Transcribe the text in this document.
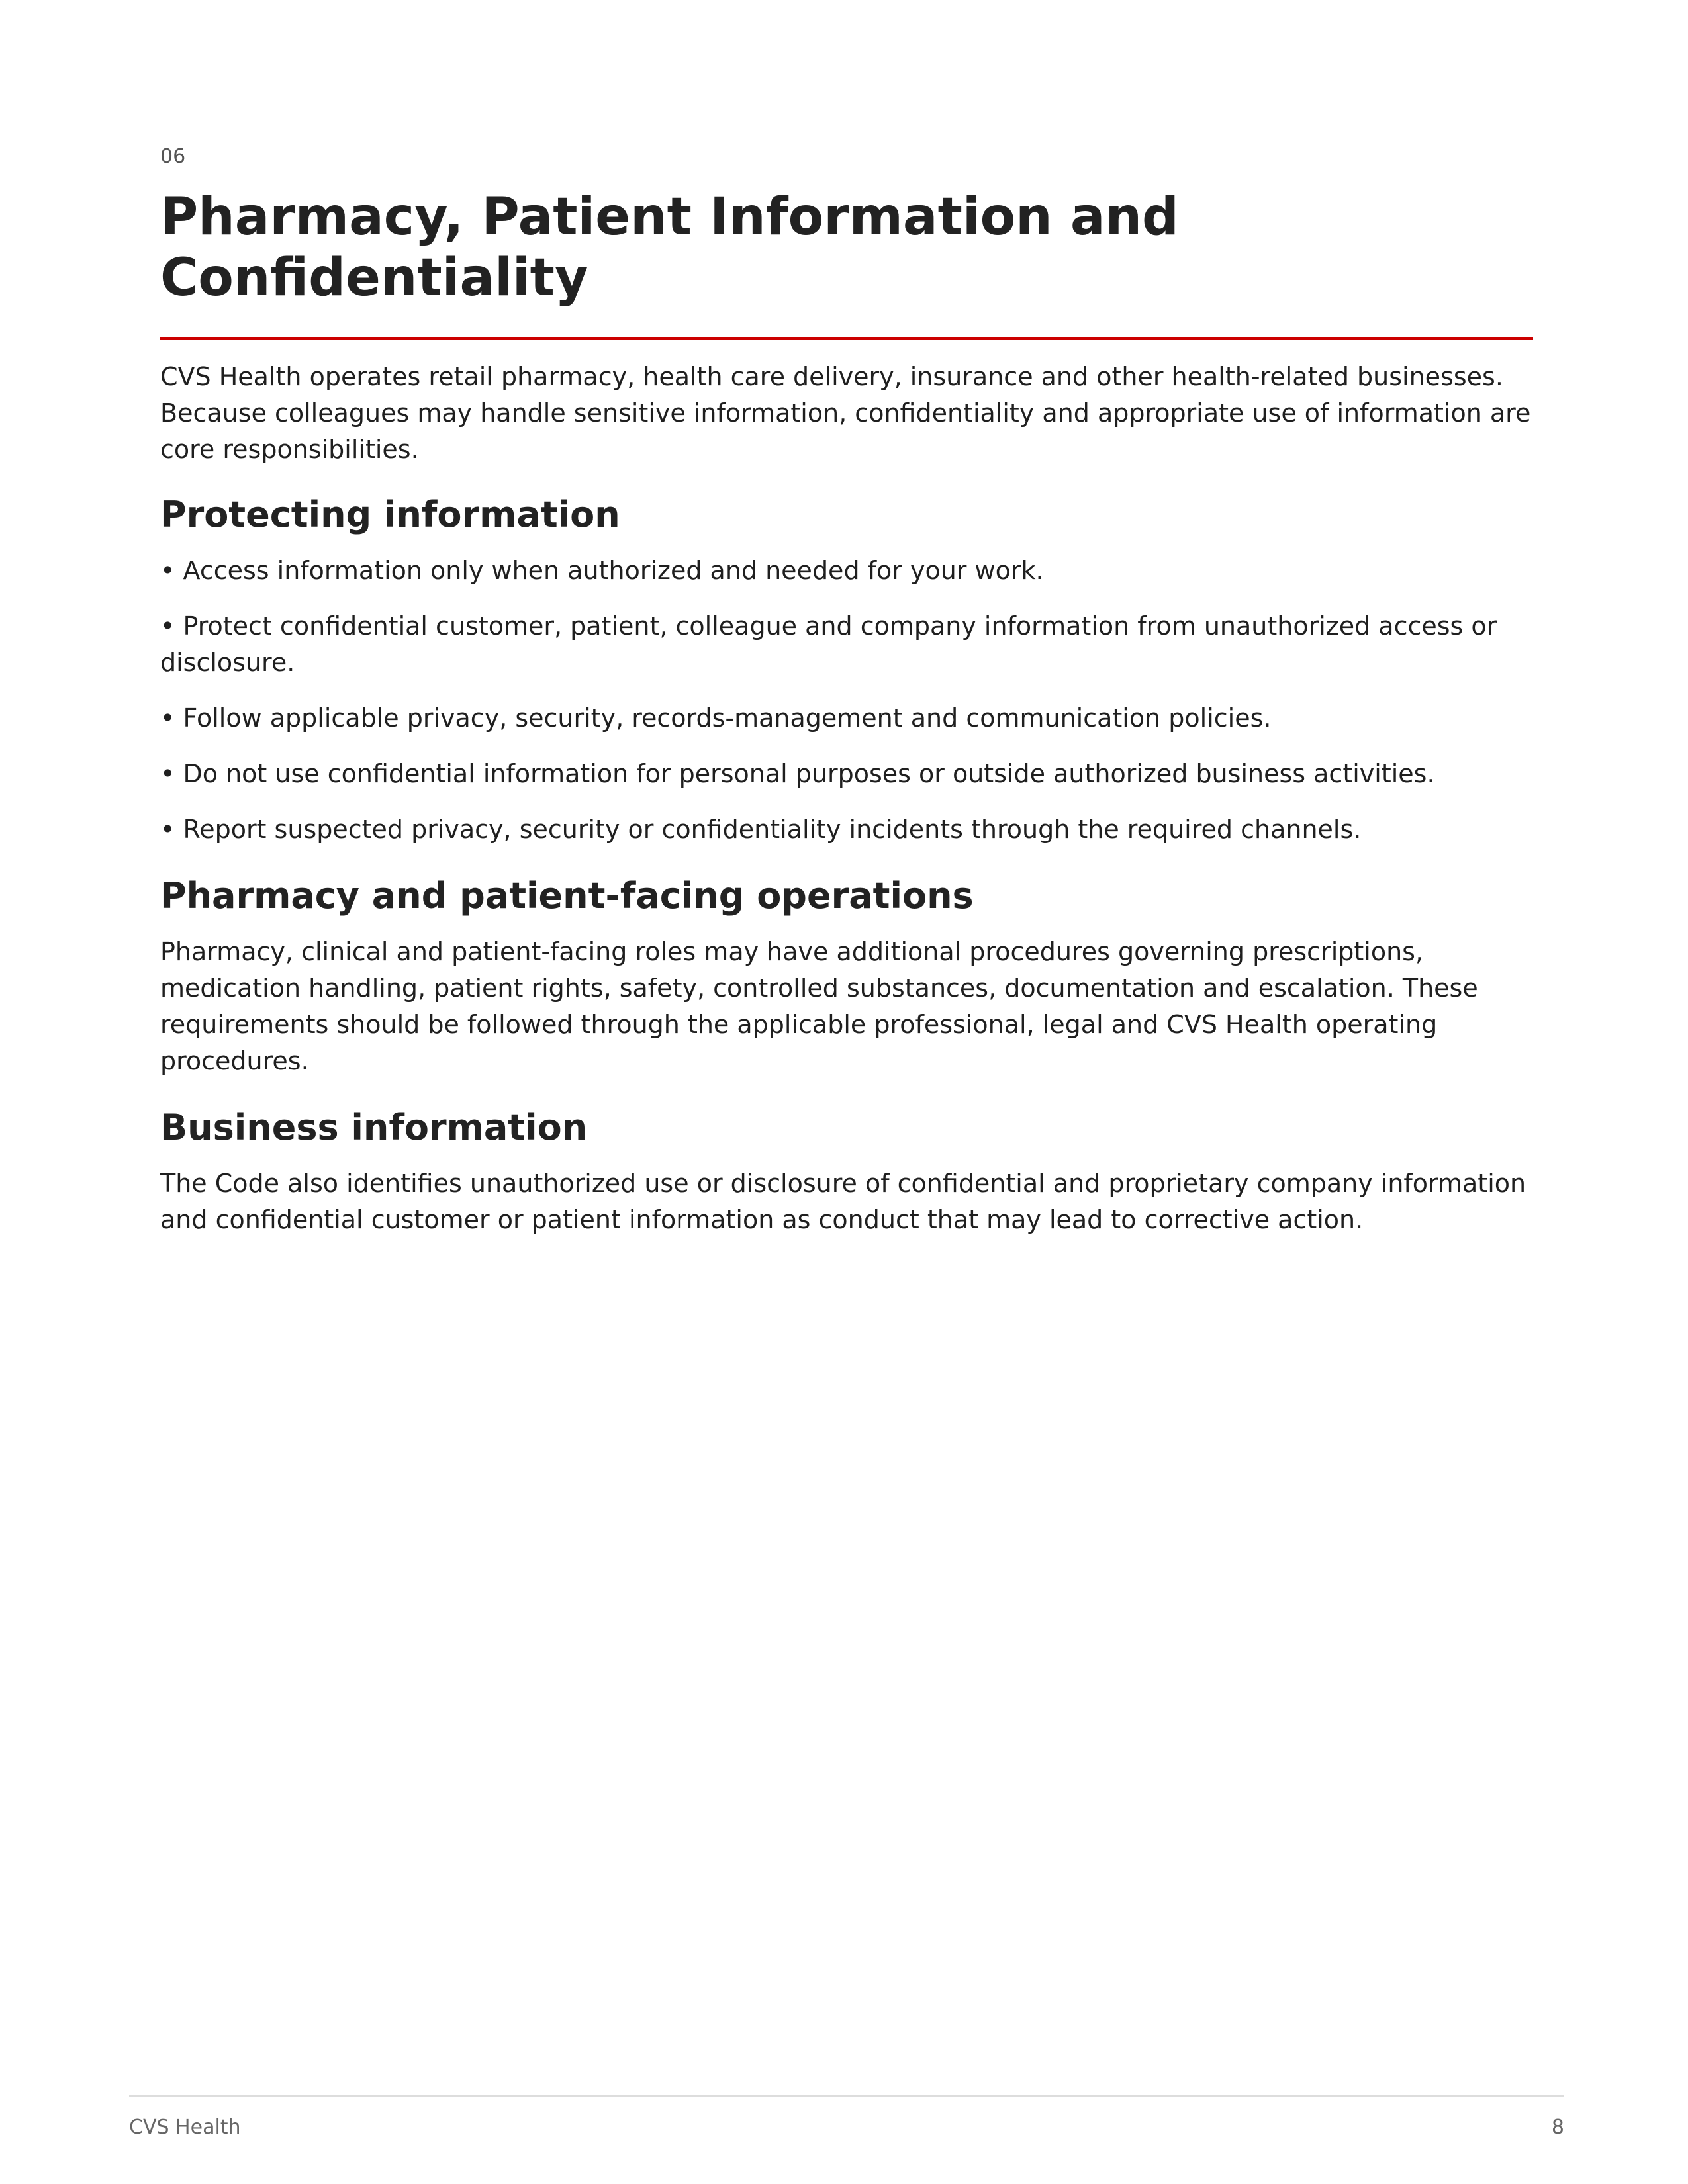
06
Pharmacy, Patient Information and Confidentiality

CVS Health operates retail pharmacy, health care delivery, insurance and other health-related businesses. Because colleagues may handle sensitive information, confidentiality and appropriate use of information are core responsibilities.

Protecting information

• Access information only when authorized and needed for your work.

• Protect confidential customer, patient, colleague and company information from unauthorized access or disclosure.

• Follow applicable privacy, security, records-management and communication policies.

• Do not use confidential information for personal purposes or outside authorized business activities.

• Report suspected privacy, security or confidentiality incidents through the required channels.

Pharmacy and patient-facing operations

Pharmacy, clinical and patient-facing roles may have additional procedures governing prescriptions, medication handling, patient rights, safety, controlled substances, documentation and escalation. These requirements should be followed through the applicable professional, legal and CVS Health operating procedures.

Business information

The Code also identifies unauthorized use or disclosure of confidential and proprietary company information and confidential customer or patient information as conduct that may lead to corrective action.

CVS Health	8
